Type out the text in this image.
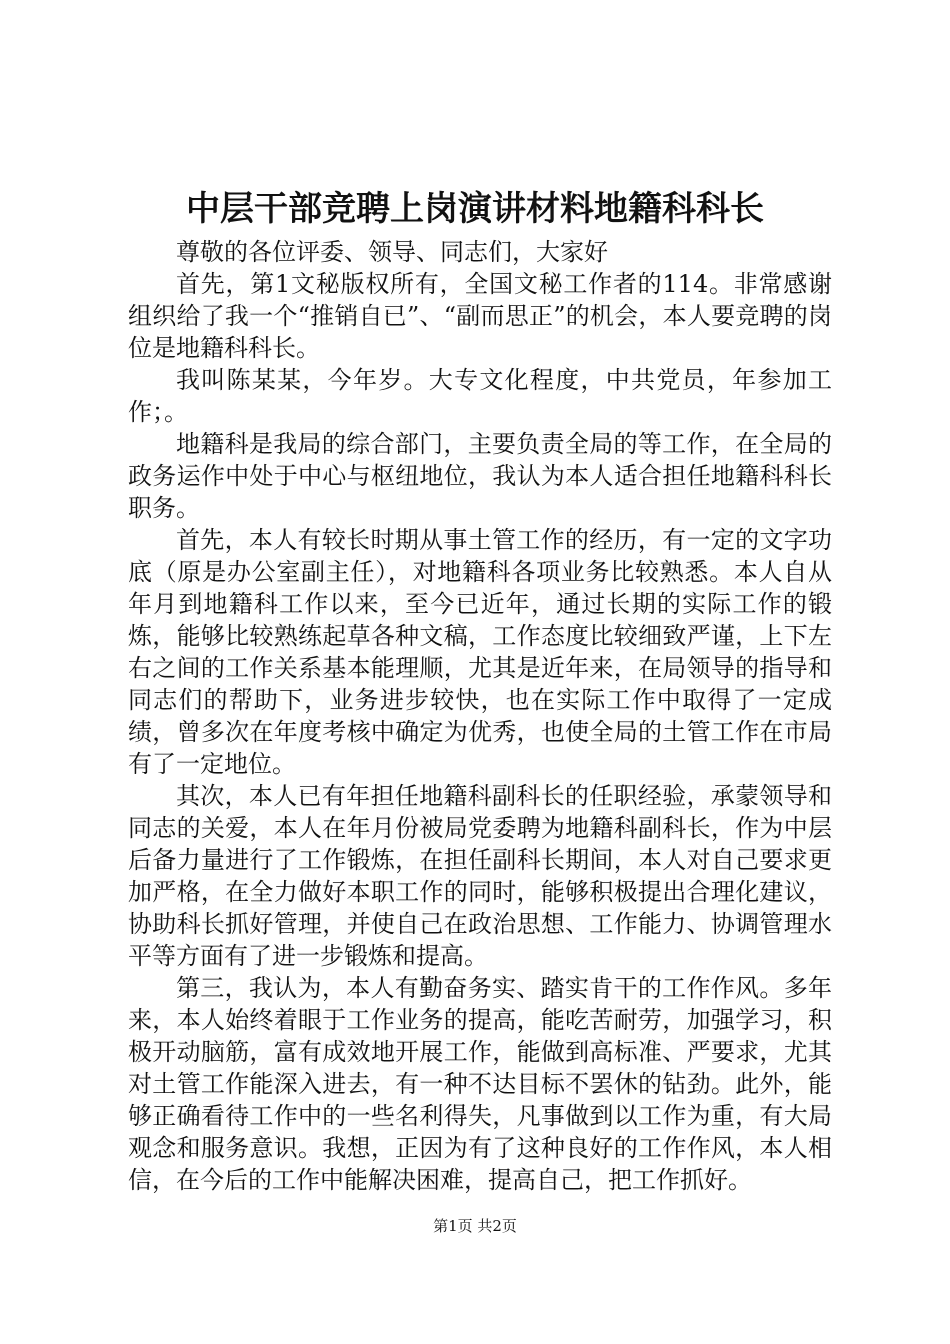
中层干部竞聘上岗演讲材料地籍科科长

尊敬的各位评委、领导、同志们，大家好

首先，第1文秘版权所有，全国文秘工作者的114。非常感谢组织给了我一个“推销自已”、“副而思正”的机会，本人要竞聘的岗位是地籍科科长。

我叫陈某某，今年岁。大专文化程度，中共党员，年参加工作；。

地籍科是我局的综合部门，主要负责全局的等工作，在全局的政务运作中处于中心与枢纽地位，我认为本人适合担任地籍科科长职务。

首先，本人有较长时期从事土管工作的经历，有一定的文字功底（原是办公室副主任），对地籍科各项业务比较熟悉。本人自从年月到地籍科工作以来，至今已近年，通过长期的实际工作的锻炼，能够比较熟练起草各种文稿，工作态度比较细致严谨，上下左右之间的工作关系基本能理顺，尤其是近年来，在局领导的指导和同志们的帮助下，业务进步较快，也在实际工作中取得了一定成绩，曾多次在年度考核中确定为优秀，也使全局的土管工作在市局有了一定地位。

其次，本人已有年担任地籍科副科长的任职经验，承蒙领导和同志的关爱，本人在年月份被局党委聘为地籍科副科长，作为中层后备力量进行了工作锻炼，在担任副科长期间，本人对自己要求更加严格，在全力做好本职工作的同时，能够积极提出合理化建议，协助科长抓好管理，并使自己在政治思想、工作能力、协调管理水平等方面有了进一步锻炼和提高。

第三，我认为，本人有勤奋务实、踏实肯干的工作作风。多年来，本人始终着眼于工作业务的提高，能吃苦耐劳，加强学习，积极开动脑筋，富有成效地开展工作，能做到高标准、严要求，尤其对土管工作能深入进去，有一种不达目标不罢休的钻劲。此外，能够正确看待工作中的一些名利得失，凡事做到以工作为重，有大局观念和服务意识。我想，正因为有了这种良好的工作作风，本人相信，在今后的工作中能解决困难，提高自己，把工作抓好。

第1页 共2页
